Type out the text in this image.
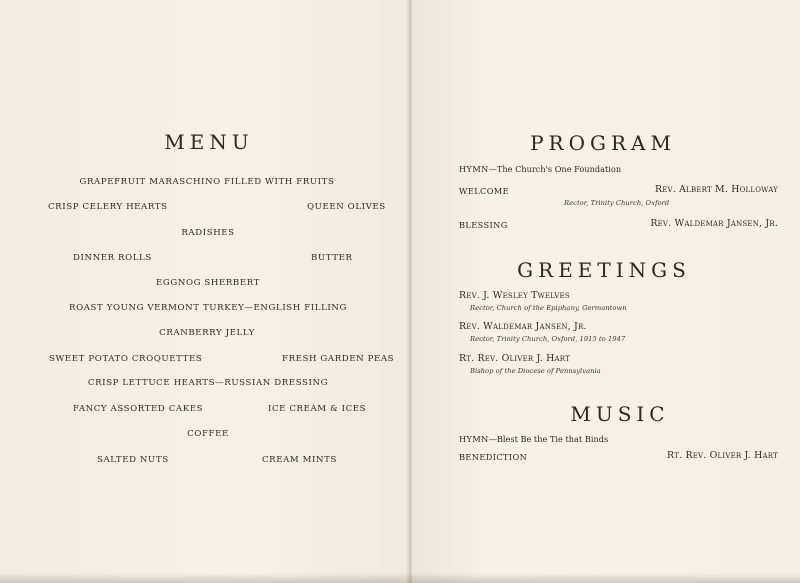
MENU
GRAPEFRUIT MARASCHINO FILLED WITH FRUITS
CRISP CELERY HEARTS	QUEEN OLIVES
RADISHES
DINNER ROLLS	BUTTER
EGGNOG SHERBERT
ROAST YOUNG VERMONT TURKEY—ENGLISH FILLING
CRANBERRY JELLY
SWEET POTATO CROQUETTES	FRESH GARDEN PEAS
CRISP LETTUCE HEARTS—RUSSIAN DRESSING
FANCY ASSORTED CAKES	ICE CREAM & ICES
COFFEE
SALTED NUTS	CREAM MINTS
PROGRAM
HYMN—The Church's One Foundation
WELCOME	Rev. Albert M. Holloway
Rector, Trinity Church, Oxford
BLESSING	Rev. Waldemar Jansen, Jr.
GREETINGS
Rev. J. Wesley Twelves
Rector, Church of the Epiphany, Germantown
Rev. Waldemar Jansen, Jr.
Rector, Trinity Church, Oxford, 1915 to 1947
Rt. Rev. Oliver J. Hart
Bishop of the Diocese of Pennsylvania
MUSIC
HYMN—Blest Be the Tie that Binds
BENEDICTION	Rt. Rev. Oliver J. Hart
